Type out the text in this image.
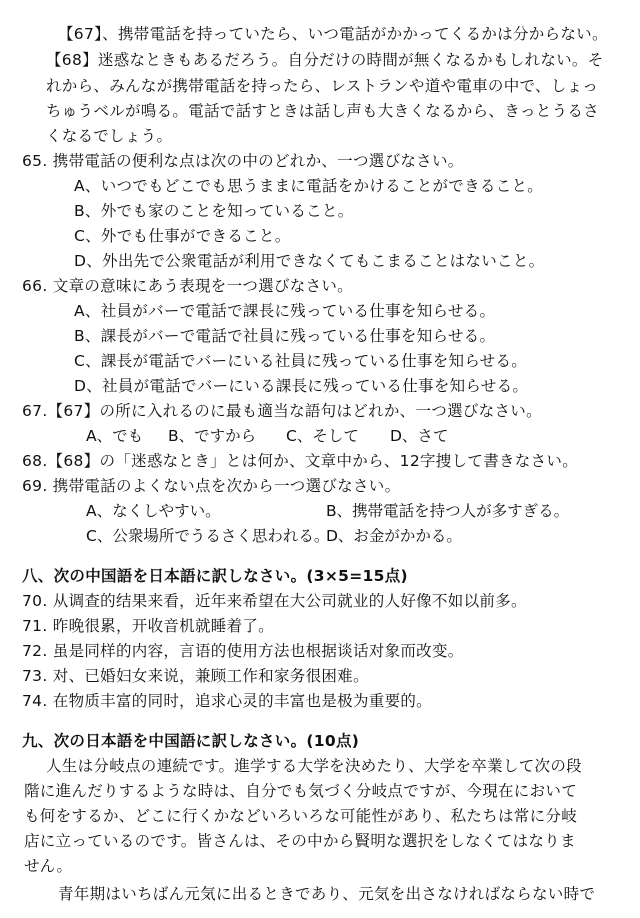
【67】、携帯電話を持っていたら、いつ電話がかかってくるかは分からない。
【68】迷惑なときもあるだろう。自分だけの時間が無くなるかもしれない。そ
れから、みんなが携帯電話を持ったら、レストランや道や電車の中で、しょっ
ちゅうベルが鳴る。電話で話すときは話し声も大きくなるから、きっとうるさ
くなるでしょう。
65. 携帯電話の便利な点は次の中のどれか、一つ選びなさい。
A、いつでもどこでも思うままに電話をかけることができること。
B、外でも家のことを知っていること。
C、外でも仕事ができること。
D、外出先で公衆電話が利用できなくてもこまることはないこと。
66. 文章の意味にあう表現を一つ選びなさい。
A、社員がバーで電話で課長に残っている仕事を知らせる。
B、課長がバーで電話で社員に残っている仕事を知らせる。
C、課長が電話でバーにいる社員に残っている仕事を知らせる。
D、社員が電話でバーにいる課長に残っている仕事を知らせる。
67.【67】の所に入れるのに最も適当な語句はどれか、一つ選びなさい。
A、でも B、ですから C、そして D、さて
68.【68】の「迷惑なとき」とは何か、文章中から、12字捜して書きなさい。
69. 携帯電話のよくない点を次から一つ選びなさい。
A、なくしやすい。	B、携帯電話を持つ人が多すぎる。
C、公衆場所でうるさく思われる。
D、お金がかかる。
八、次の中国語を日本語に訳しなさい。(3×5=15点)
70. 从调查的结果来看，近年来希望在大公司就业的人好像不如以前多。
71. 昨晚很累，开收音机就睡着了。
72. 虽是同样的内容，言语的使用方法也根据谈话对象而改变。
73. 对、已婚妇女来说，兼顾工作和家务很困难。
74. 在物质丰富的同时，追求心灵的丰富也是极为重要的。
九、次の日本語を中国語に訳しなさい。(10点)
人生は分岐点の連続です。進学する大学を決めたり、大学を卒業して次の段
階に進んだりするような時は、自分でも気づく分岐点ですが、今現在において
も何をするか、どこに行くかなどいろいろな可能性があり、私たちは常に分岐
店に立っているのです。皆さんは、その中から賢明な選択をしなくてはなりま
せん。
青年期はいちばん元気に出るときであり、元気を出さなければならない時で
